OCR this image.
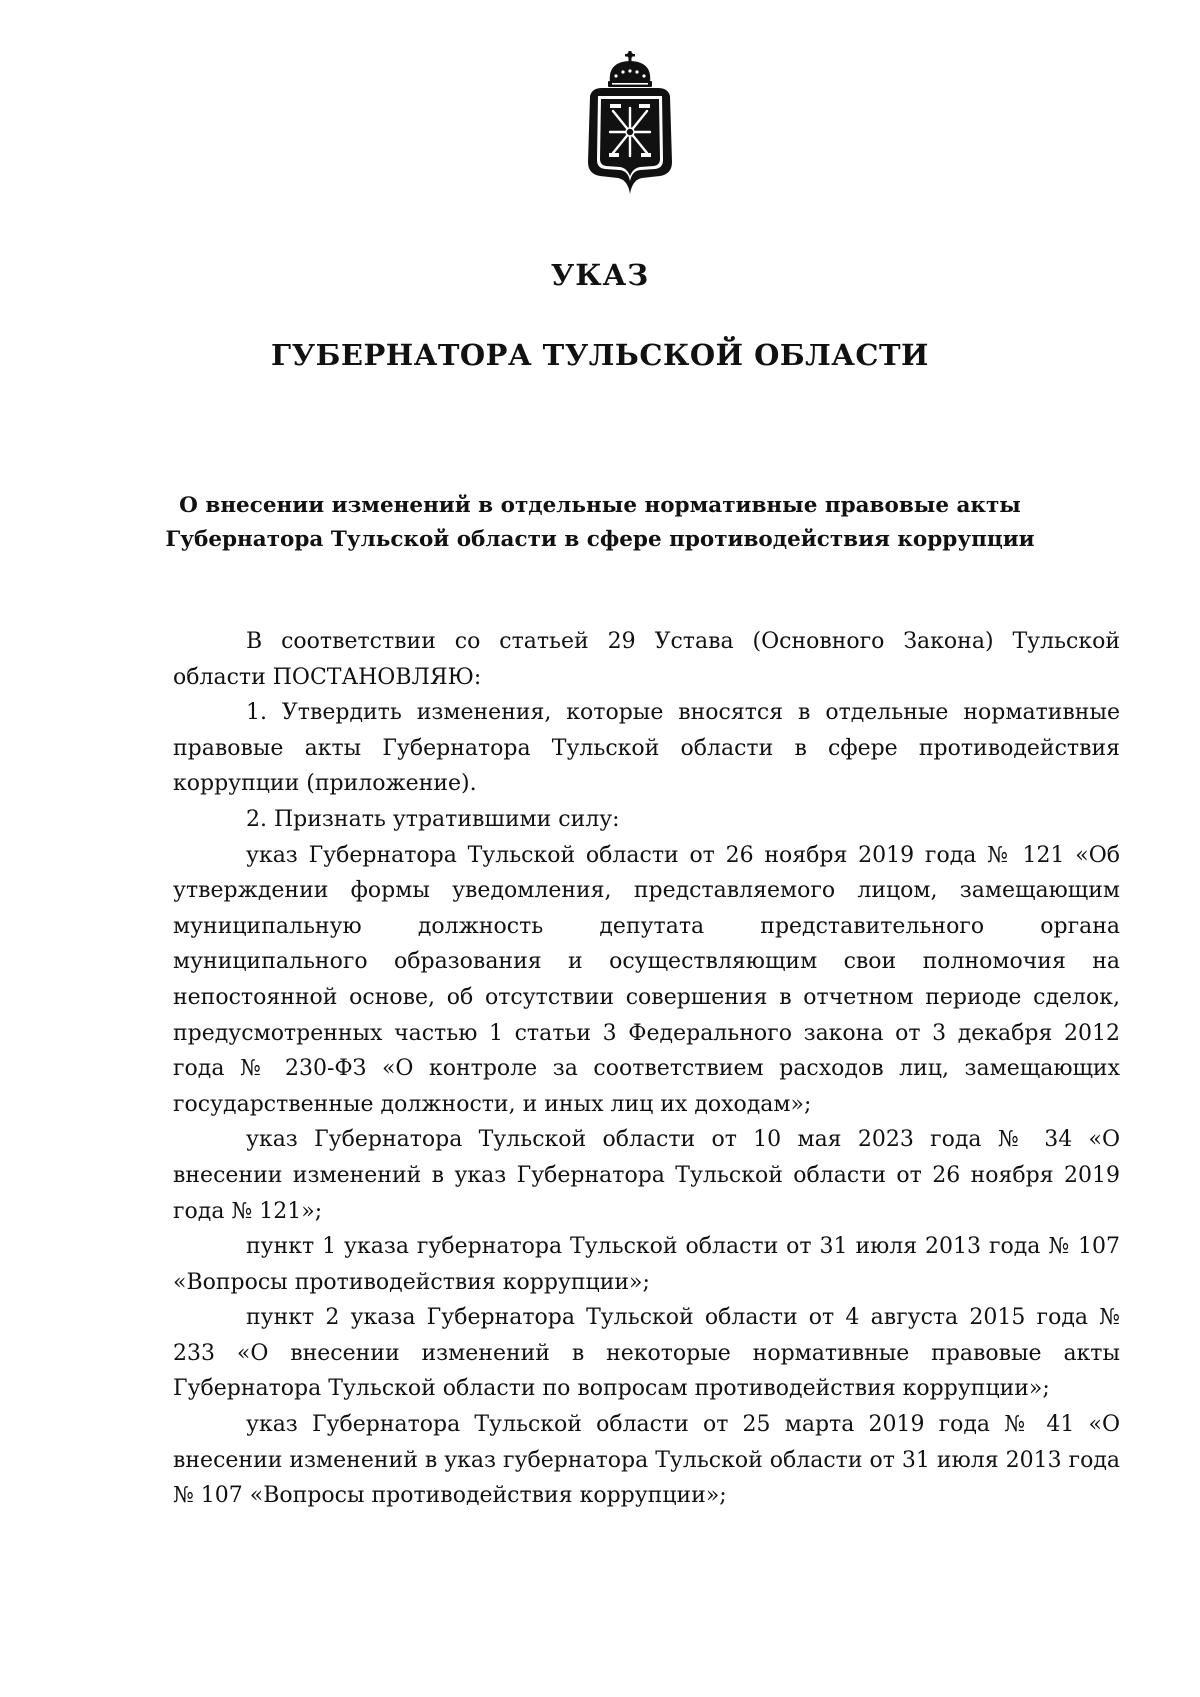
УКАЗ
ГУБЕРНАТОРА ТУЛЬСКОЙ ОБЛАСТИ
О внесении изменений в отдельные нормативные правовые акты
Губернатора Тульской области в сфере противодействия коррупции

В соответствии со статьей 29 Устава (Основного Закона) Тульской области ПОСТАНОВЛЯЮ:

1. Утвердить изменения, которые вносятся в отдельные нормативные правовые акты Губернатора Тульской области в сфере противодействия коррупции (приложение).

2. Признать утратившими силу:

указ Губернатора Тульской области от 26 ноября 2019 года № 121 «Об утверждении формы уведомления, представляемого лицом, замещающим муниципальную должность депутата представительного органа муниципального образования и осуществляющим свои полномочия на непостоянной основе, об отсутствии совершения в отчетном периоде сделок, предусмотренных частью 1 статьи 3 Федерального закона от 3 декабря 2012 года № 230-ФЗ «О контроле за соответствием расходов лиц, замещающих государственные должности, и иных лиц их доходам»;

указ Губернатора Тульской области от 10 мая 2023 года № 34 «О внесении изменений в указ Губернатора Тульской области от 26 ноября 2019 года № 121»;

пункт 1 указа губернатора Тульской области от 31 июля 2013 года № 107 «Вопросы противодействия коррупции»;

пункт 2 указа Губернатора Тульской области от 4 августа 2015 года № 233 «О внесении изменений в некоторые нормативные правовые акты Губернатора Тульской области по вопросам противодействия коррупции»;

указ Губернатора Тульской области от 25 марта 2019 года № 41 «О внесении изменений в указ губернатора Тульской области от 31 июля 2013 года № 107 «Вопросы противодействия коррупции»;
